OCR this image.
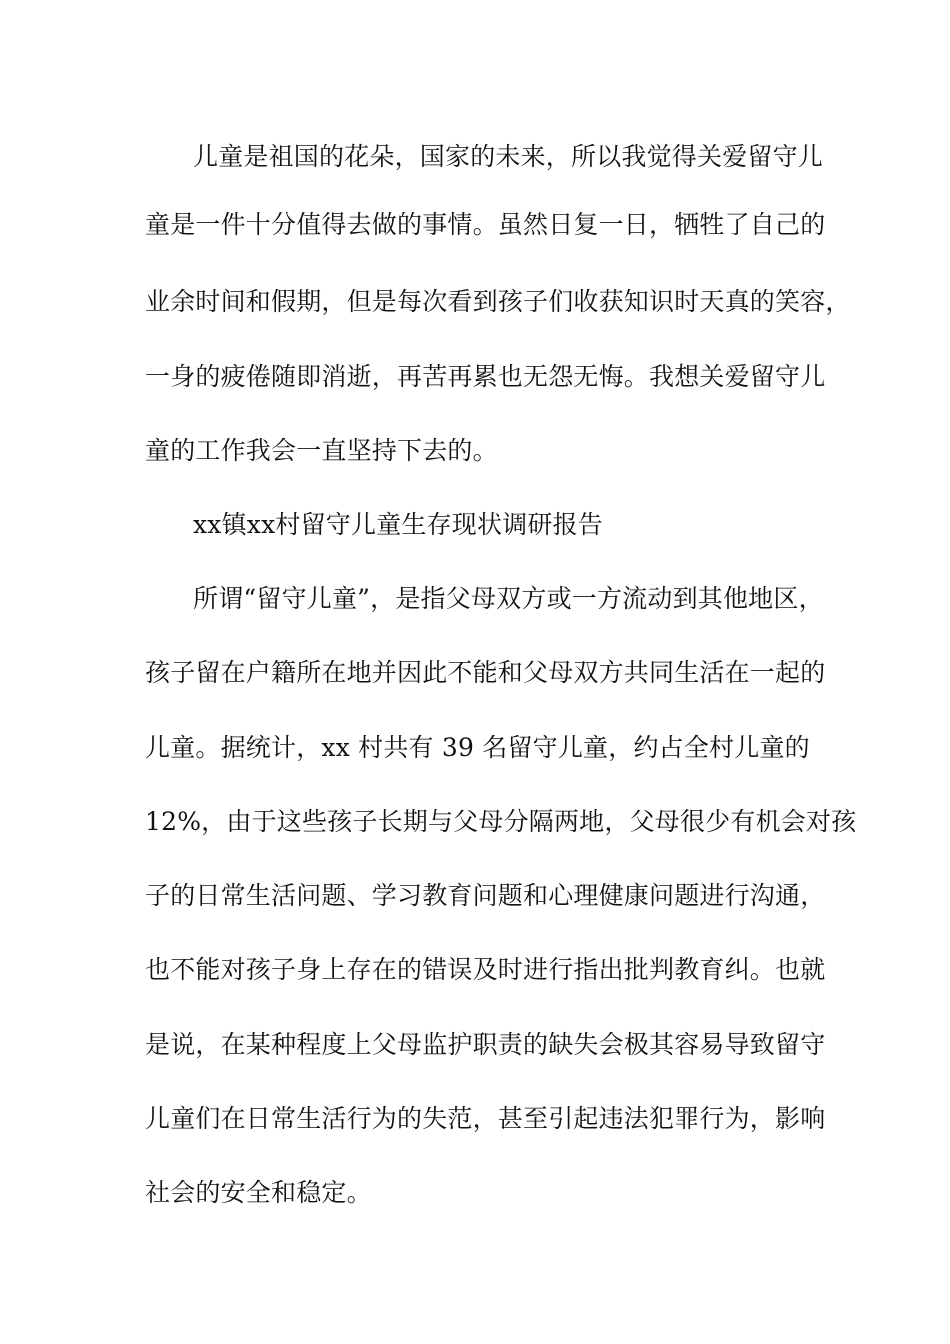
儿童是祖国的花朵，国家的未来，所以我觉得关爱留守儿
童是一件十分值得去做的事情。虽然日复一日，牺牲了自己的
业余时间和假期，但是每次看到孩子们收获知识时天真的笑容，
一身的疲倦随即消逝，再苦再累也无怨无悔。我想关爱留守儿
童的工作我会一直坚持下去的。
xx镇xx村留守儿童生存现状调研报告
所谓“留守儿童”，是指父母双方或一方流动到其他地区，
孩子留在户籍所在地并因此不能和父母双方共同生活在一起的
儿童。据统计，xx 村共有 39 名留守儿童，约占全村儿童的
12%，由于这些孩子长期与父母分隔两地，父母很少有机会对孩
子的日常生活问题、学习教育问题和心理健康问题进行沟通，
也不能对孩子身上存在的错误及时进行指出批判教育纠。也就
是说，在某种程度上父母监护职责的缺失会极其容易导致留守
儿童们在日常生活行为的失范，甚至引起违法犯罪行为，影响
社会的安全和稳定。
